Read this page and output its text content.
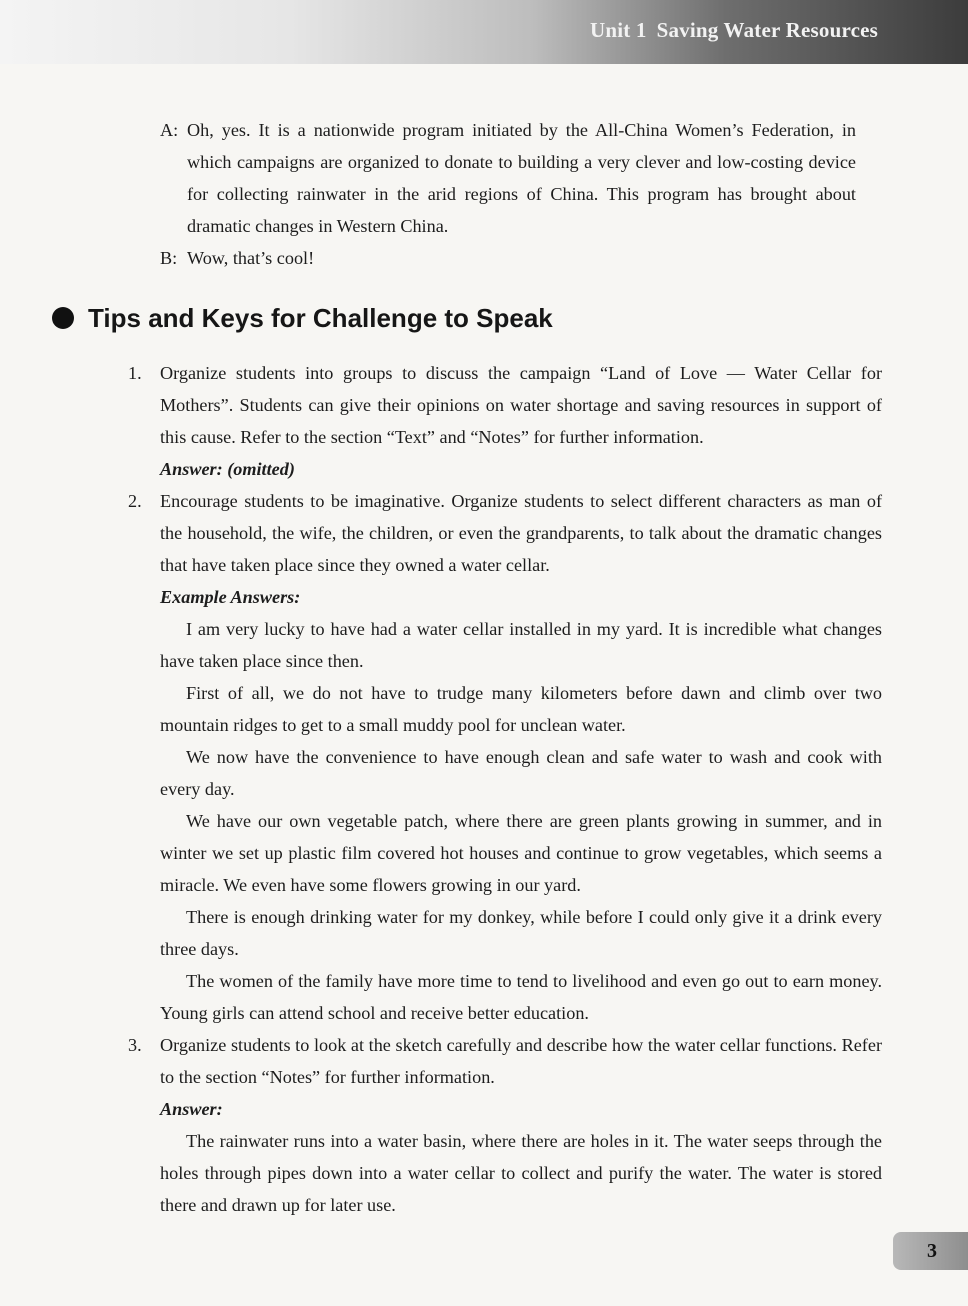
Unit 1 Saving Water Resources
A: Oh, yes. It is a nationwide program initiated by the All-China Women’s Federation, in which campaigns are organized to donate to building a very clever and low-costing device for collecting rainwater in the arid regions of China. This program has brought about dramatic changes in Western China.
B: Wow, that’s cool!
Tips and Keys for Challenge to Speak
1.	Organize students into groups to discuss the campaign “Land of Love — Water Cellar for Mothers”. Students can give their opinions on water shortage and saving resources in support of this cause. Refer to the section “Text” and “Notes” for further information.

Answer: (omitted)

2.	Encourage students to be imaginative. Organize students to select different characters as man of the household, the wife, the children, or even the grandparents, to talk about the dramatic changes that have taken place since they owned a water cellar.

Example Answers:

I am very lucky to have had a water cellar installed in my yard. It is incredible what changes have taken place since then.

First of all, we do not have to trudge many kilometers before dawn and climb over two mountain ridges to get to a small muddy pool for unclean water.

We now have the convenience to have enough clean and safe water to wash and cook with every day.

We have our own vegetable patch, where there are green plants growing in summer, and in winter we set up plastic film covered hot houses and continue to grow vegetables, which seems a miracle. We even have some flowers growing in our yard.

There is enough drinking water for my donkey, while before I could only give it a drink every three days.

The women of the family have more time to tend to livelihood and even go out to earn money. Young girls can attend school and receive better education.

3.	Organize students to look at the sketch carefully and describe how the water cellar functions. Refer to the section “Notes” for further information.

Answer:

The rainwater runs into a water basin, where there are holes in it. The water seeps through the holes through pipes down into a water cellar to collect and purify the water. The water is stored there and drawn up for later use.

3
